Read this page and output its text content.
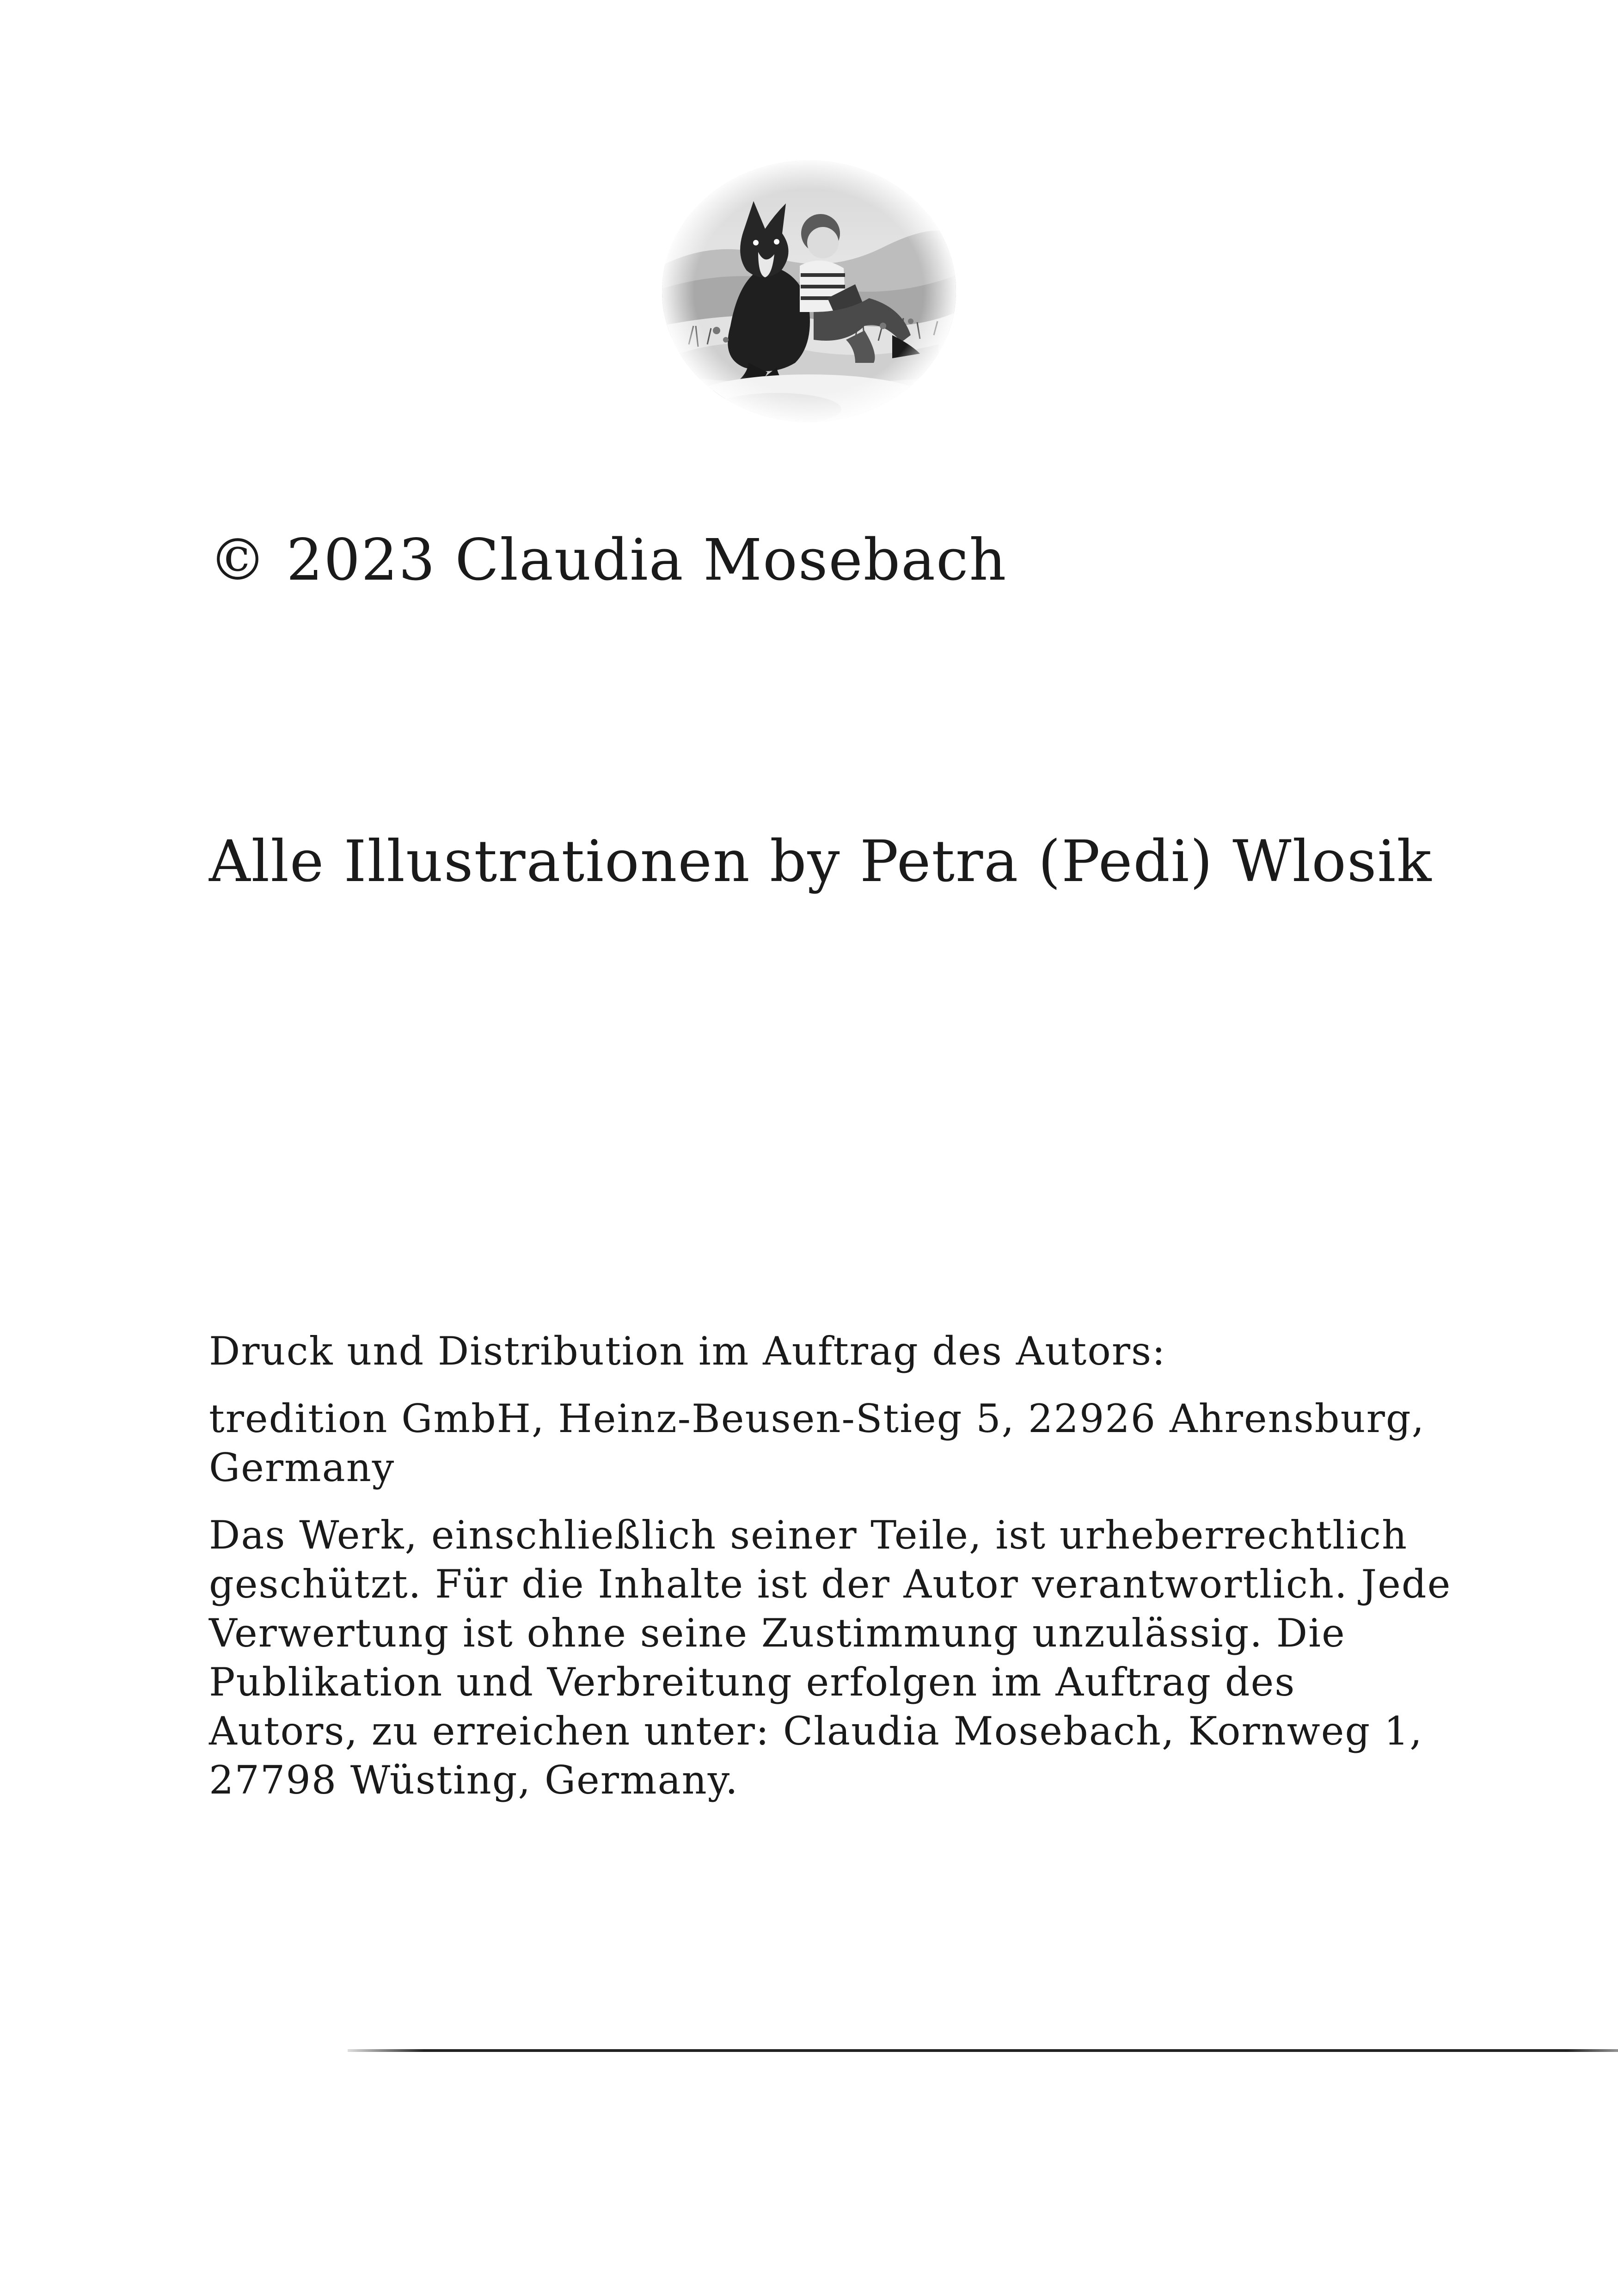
© 2023 Claudia Mosebach
Alle Illustrationen by Petra (Pedi) Wlosik

Druck und Distribution im Auftrag des Autors:

tredition GmbH, Heinz-Beusen-Stieg 5, 22926 Ahrensburg, Germany

Das Werk, einschließlich seiner Teile, ist urheberrechtlich geschützt. Für die Inhalte ist der Autor verantwortlich. Jede Verwertung ist ohne seine Zustimmung unzulässig. Die Publikation und Verbreitung erfolgen im Auftrag des Autors, zu erreichen unter: Claudia Mosebach, Kornweg 1, 27798 Wüsting, Germany.
